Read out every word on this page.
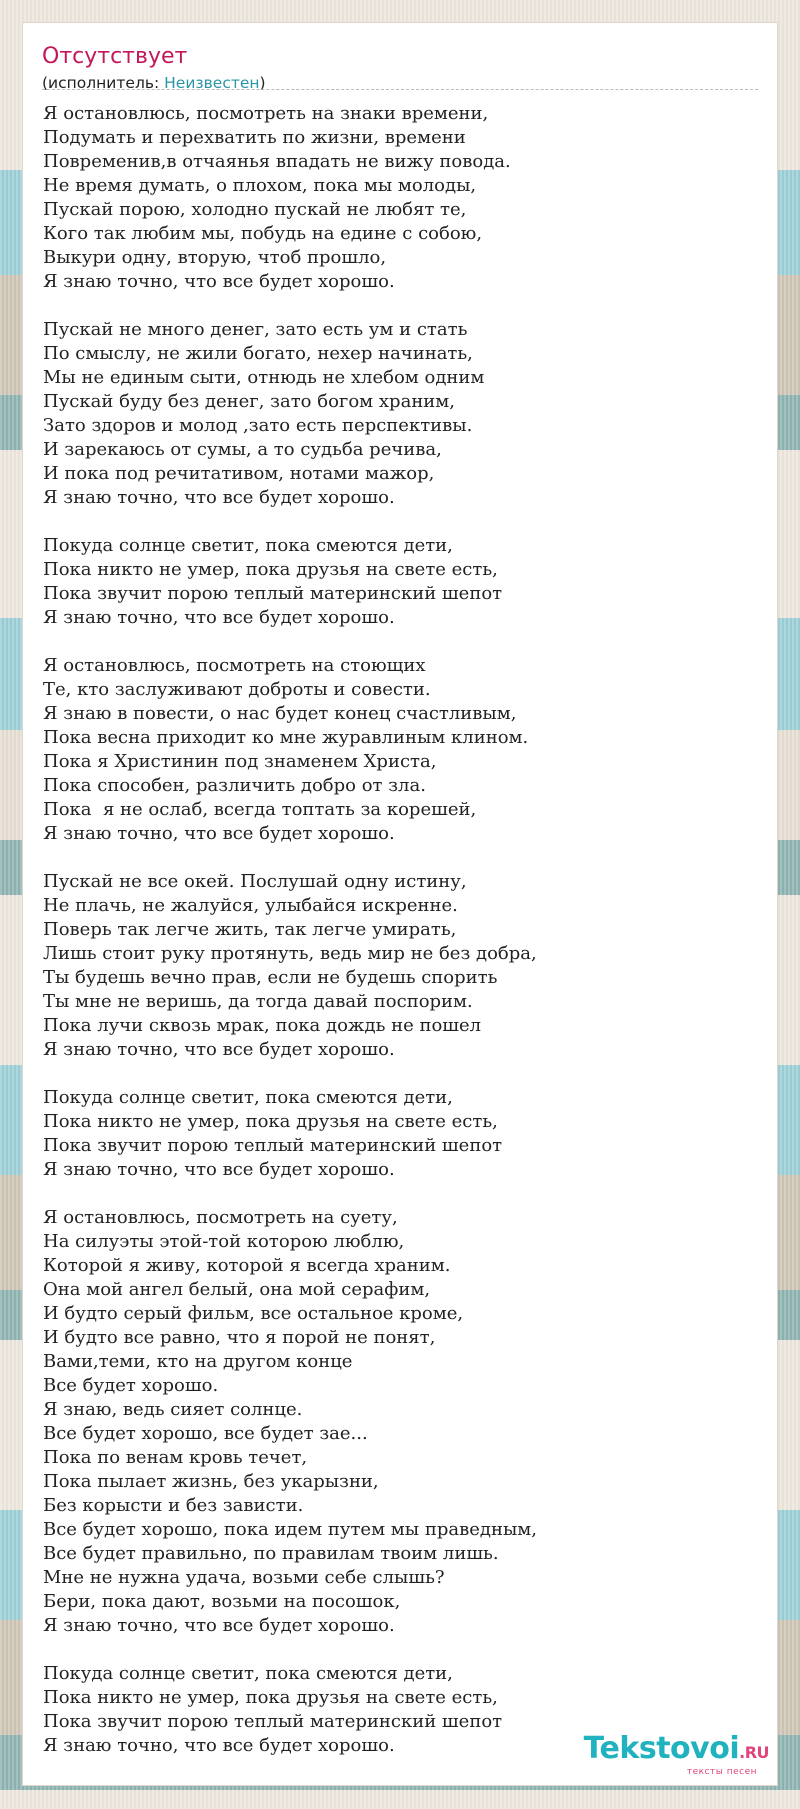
Отсутствует
(исполнитель: Неизвестен)
Я остановлюсь, посмотреть на знаки времени,
Подумать и перехватить по жизни, времени
Повременив,в отчаянья впадать не вижу повода.
Не время думать, о плохом, пока мы молоды,
Пускай порою, холодно пускай не любят те,
Кого так любим мы, побудь на едине с собою,
Выкури одну, вторую, чтоб прошло,
Я знаю точно, что все будет хорошо.
Пускай не много денег, зато есть ум и стать
По смыслу, не жили богато, нехер начинать,
Мы не единым сыти, отнюдь не хлебом одним
Пускай буду без денег, зато богом храним,
Зато здоров и молод ,зато есть перспективы.
И зарекаюсь от сумы, а то судьба речива,
И пока под речитативом, нотами мажор,
Я знаю точно, что все будет хорошо.
Покуда солнце светит, пока смеются дети,
Пока никто не умер, пока друзья на свете есть,
Пока звучит порою теплый материнский шепот
Я знаю точно, что все будет хорошо.
Я остановлюсь, посмотреть на стоющих
Те, кто заслуживают доброты и совести.
Я знаю в повести, о нас будет конец счастливым,
Пока весна приходит ко мне журавлиным клином.
Пока я Христинин под знаменем Христа,
Пока способен, различить добро от зла.
Пока  я не ослаб, всегда топтать за корешей,
Я знаю точно, что все будет хорошо.
Пускай не все окей. Послушай одну истину,
Не плачь, не жалуйся, улыбайся искренне.
Поверь так легче жить, так легче умирать,
Лишь стоит руку протянуть, ведь мир не без добра,
Ты будешь вечно прав, если не будешь спорить
Ты мне не веришь, да тогда давай поспорим.
Пока лучи сквозь мрак, пока дождь не пошел
Я знаю точно, что все будет хорошо.
Покуда солнце светит, пока смеются дети,
Пока никто не умер, пока друзья на свете есть,
Пока звучит порою теплый материнский шепот
Я знаю точно, что все будет хорошо.
Я остановлюсь, посмотреть на суету,
На силуэты этой-той которою люблю,
Которой я живу, которой я всегда храним.
Она мой ангел белый, она мой серафим,
И будто серый фильм, все остальное кроме,
И будто все равно, что я порой не понят,
Вами,теми, кто на другом конце
Все будет хорошо.
Я знаю, ведь сияет солнце.
Все будет хорошо, все будет зае...
Пока по венам кровь течет,
Пока пылает жизнь, без укарызни,
Без корысти и без зависти.
Все будет хорошо, пока идем путем мы праведным,
Все будет правильно, по правилам твоим лишь.
Мне не нужна удача, возьми себе слышь?
Бери, пока дают, возьми на посошок,
Я знаю точно, что все будет хорошо.
Покуда солнце светит, пока смеются дети,
Пока никто не умер, пока друзья на свете есть,
Пока звучит порою теплый материнский шепот
Я знаю точно, что все будет хорошо.	Tekstovoi.RU
тексты песен
